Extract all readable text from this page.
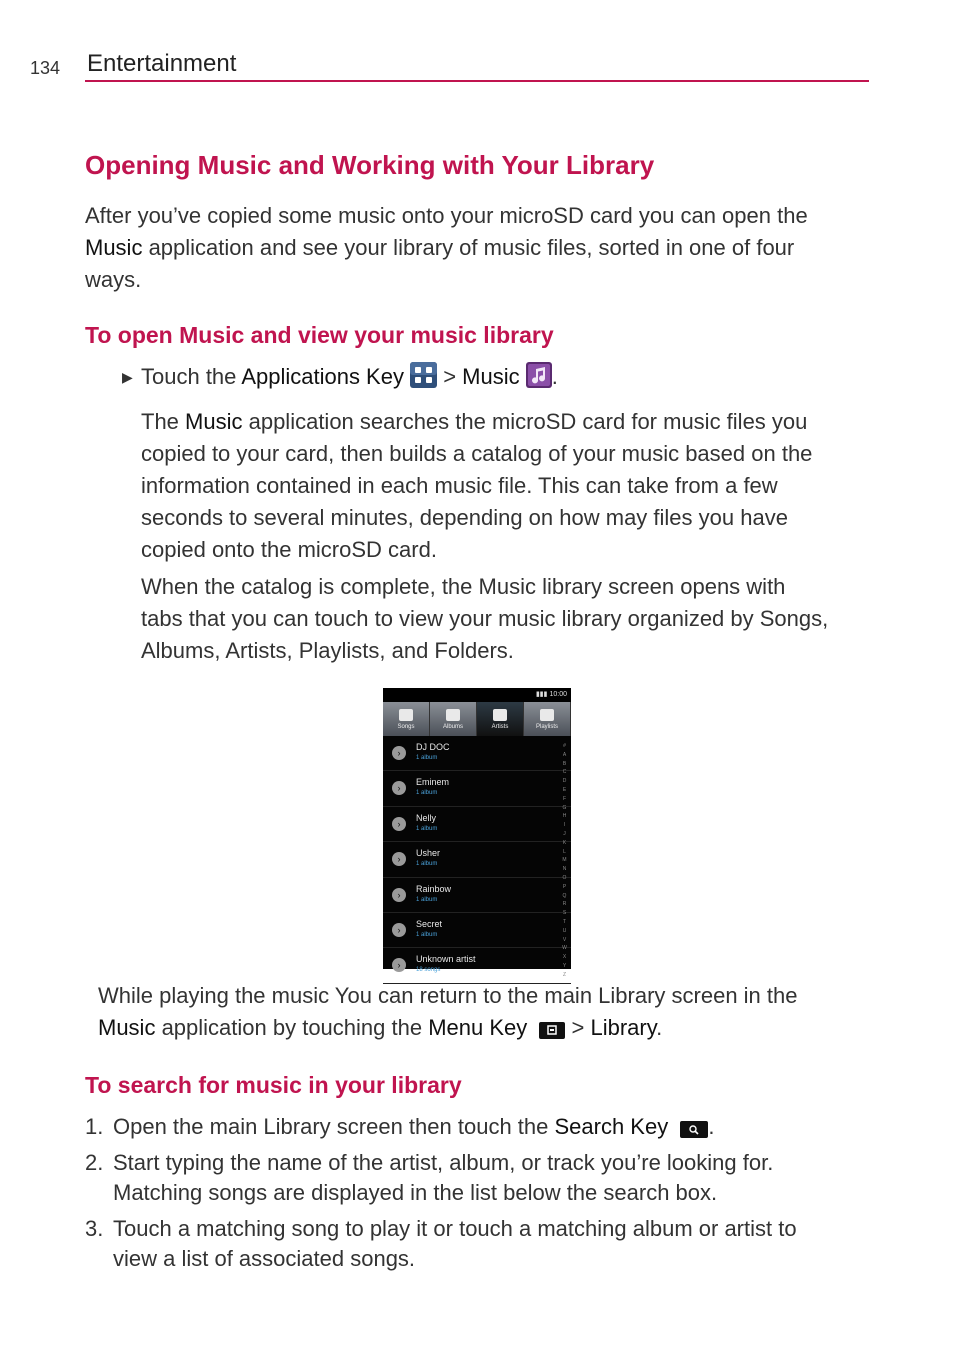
134 Entertainment
Opening Music and Working with Your Library
After you’ve copied some music onto your microSD card you can open the
Music application and see your library of music files, sorted in one of four
ways.
To open Music and view your music library
▶ Touch the Applications Key  > Music .
The Music application searches the microSD card for music files you
copied to your card, then builds a catalog of your music based on the
information contained in each music file. This can take from a few
seconds to several minutes, depending on how may files you have
copied onto the microSD card.
When the catalog is complete, the Music library screen opens with
tabs that you can touch to view your music library organized by Songs,
Albums, Artists, Playlists, and Folders.
▮▮▮ 10:00
Songs	Albums	Artists	Playlists
›
DJ DOC
1 album
›
Eminem
1 album
›
Nelly
1 album
›
Usher
1 album
›
Rainbow
1 album
›
Secret
1 album
›
Unknown artist
18 songs
#
A
B
C
D
E
F
G
H
I
J
K
L
M
N
O
P
Q
R
S
T
U
V
W
X
Y
Z
While playing the music You can return to the main Library screen in the
Music application by touching the Menu Key  > Library.
To search for music in your library
1. Open the main Library screen then touch the Search Key .
2. Start typing the name of the artist, album, or track you’re looking for.
Matching songs are displayed in the list below the search box.
3. Touch a matching song to play it or touch a matching album or artist to
view a list of associated songs.
